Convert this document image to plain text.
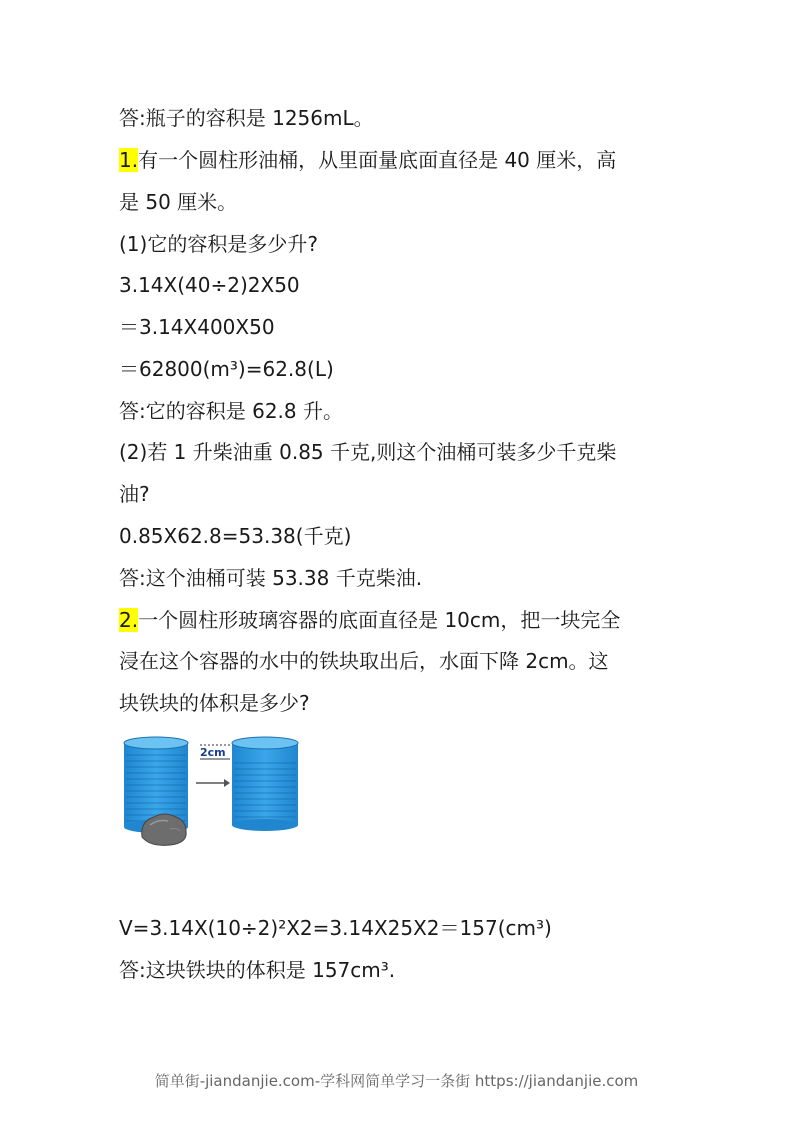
答:瓶子的容积是 1256mL。
1.有一个圆柱形油桶，从里面量底面直径是 40 厘米，高
是 50 厘米。
(1)它的容积是多少升?
3.14X(40÷2)2X50
＝3.14X400X50
＝62800(m³)=62.8(L)
答:它的容积是 62.8 升。
(2)若 1 升柴油重 0.85 千克,则这个油桶可装多少千克柴
油?
0.85X62.8=53.38(千克)
答:这个油桶可装 53.38 千克柴油.
2.一个圆柱形玻璃容器的底面直径是 10cm，把一块完全
浸在这个容器的水中的铁块取出后，水面下降 2cm。这
块铁块的体积是多少?
2cm
V=3.14X(10÷2)²X2=3.14X25X2＝157(cm³)
答:这块铁块的体积是 157cm³.
简单街-jiandanjie.com-学科网简单学习一条街 https://jiandanjie.com
